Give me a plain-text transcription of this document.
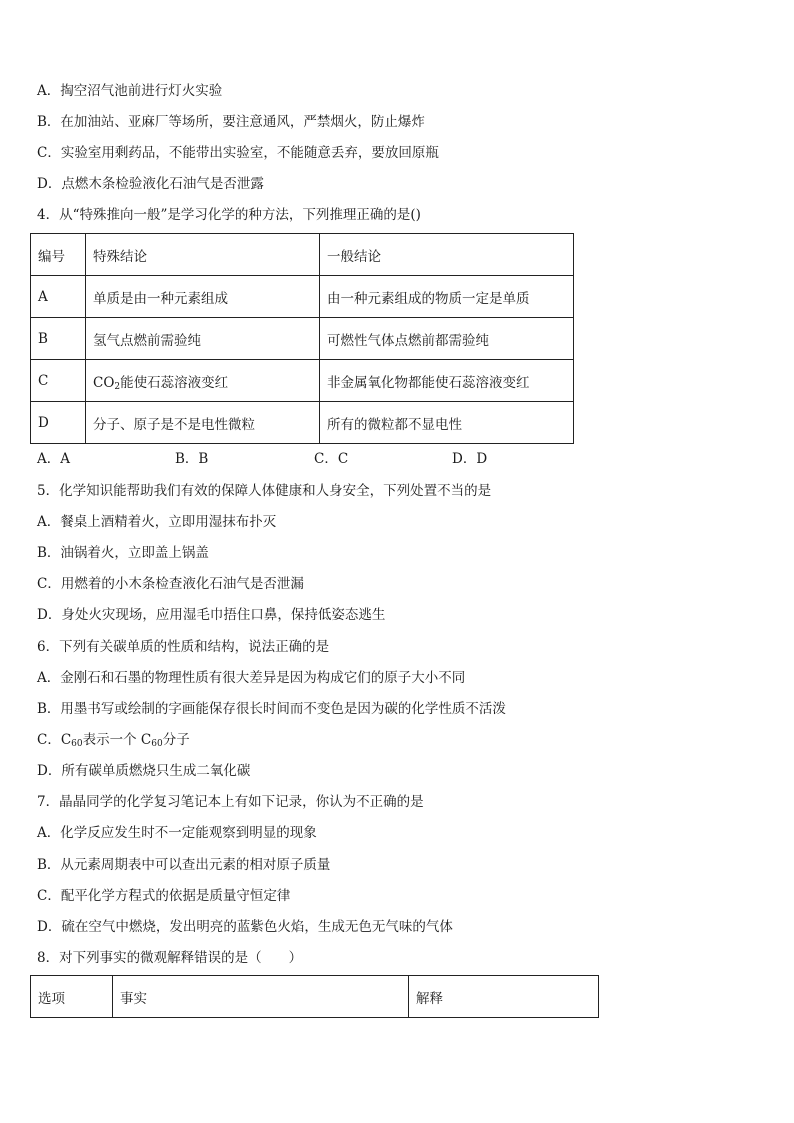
A．掏空沼气池前进行灯火实验
B．在加油站、亚麻厂等场所，要注意通风，严禁烟火，防止爆炸
C．实验室用剩药品，不能带出实验室，不能随意丢弃，要放回原瓶
D．点燃木条检验液化石油气是否泄露
4．从“特殊推向一般”是学习化学的种方法，下列推理正确的是()
编号	特殊结论	一般结论
A	单质是由一种元素组成	由一种元素组成的物质一定是单质
B	氢气点燃前需验纯	可燃性气体点燃前都需验纯
C	$CO_2$能使石蕊溶液变红	非金属氧化物都能使石蕊溶液变红
D	分子、原子是不是电性微粒	所有的微粒都不显电性
A．A	B．B	C．C	D．D
5．化学知识能帮助我们有效的保障人体健康和人身安全，下列处置不当的是
A．餐桌上酒精着火，立即用湿抹布扑灭
B．油锅着火，立即盖上锅盖
C．用燃着的小木条检查液化石油气是否泄漏
D．身处火灾现场，应用湿毛巾捂住口鼻，保持低姿态逃生
6．下列有关碳单质的性质和结构，说法正确的是
A．金刚石和石墨的物理性质有很大差异是因为构成它们的原子大小不同
B．用墨书写或绘制的字画能保存很长时间而不变色是因为碳的化学性质不活泼
C．$C_{60}$表示一个 $C_{60}$分子
D．所有碳单质燃烧只生成二氧化碳
7．晶晶同学的化学复习笔记本上有如下记录，你认为不正确的是
A．化学反应发生时不一定能观察到明显的现象
B．从元素周期表中可以查出元素的相对原子质量
C．配平化学方程式的依据是质量守恒定律
D．硫在空气中燃烧，发出明亮的蓝紫色火焰，生成无色无气味的气体
8．对下列事实的微观解释错误的是（　　）
选项	事实	解释
